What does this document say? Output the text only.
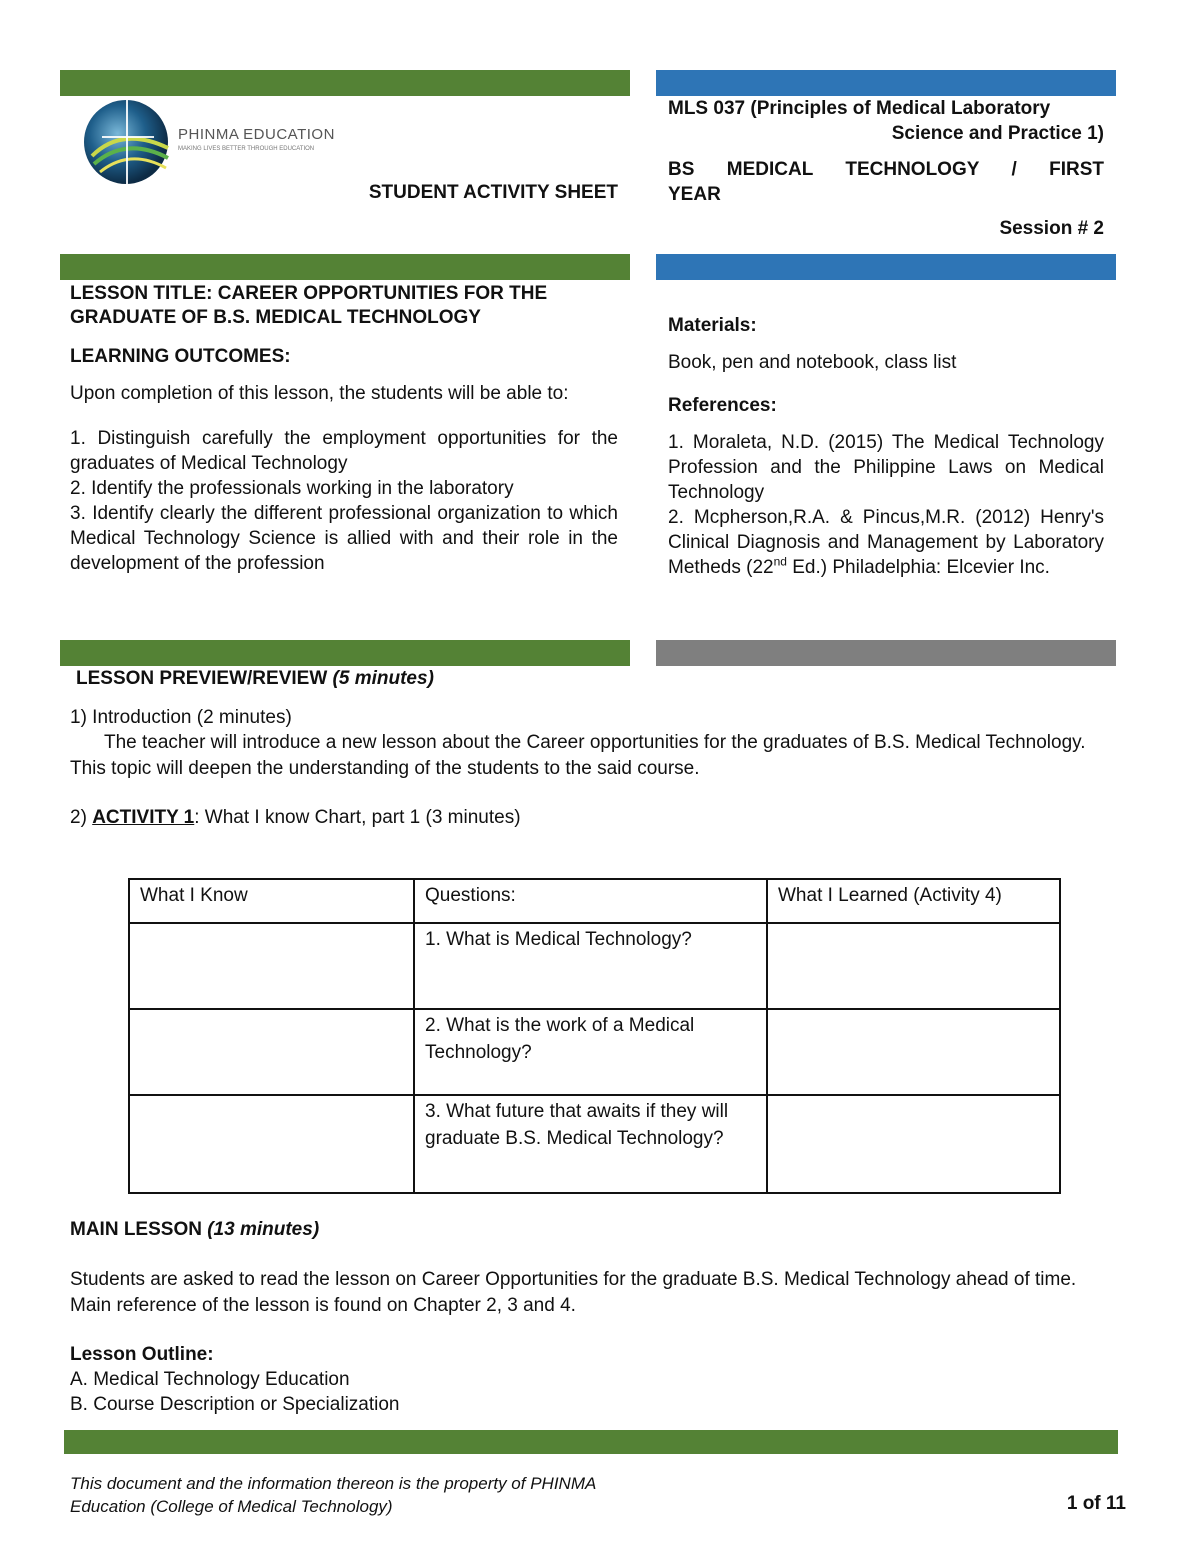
PHINMA EDUCATION
MAKING LIVES BETTER THROUGH EDUCATION
STUDENT ACTIVITY SHEET
MLS 037 (Principles of Medical Laboratory
Science and Practice 1)
BS MEDICAL TECHNOLOGY / FIRST
YEAR
Session # 2
LESSON TITLE: CAREER OPPORTUNITIES FOR THE
GRADUATE OF B.S. MEDICAL TECHNOLOGY
LEARNING OUTCOMES:
Upon completion of this lesson, the students will be able to:
1. Distinguish carefully the employment opportunities for the graduates of Medical Technology
2. Identify the professionals working in the laboratory
3. Identify clearly the different professional organization to which Medical Technology Science is allied with and their role in the development of the profession
Materials:
Book, pen and notebook, class list
References:
1. Moraleta, N.D. (2015) The Medical Technology Profession and the Philippine Laws on Medical Technology
2. Mcpherson,R.A. & Pincus,M.R. (2012) Henry's Clinical Diagnosis and Management by Laboratory Metheds (22nd Ed.) Philadelphia: Elcevier Inc.
LESSON PREVIEW/REVIEW (5 minutes)
1) Introduction (2 minutes)
The teacher will introduce a new lesson about the Career opportunities for the graduates of B.S. Medical Technology. This topic will deepen the understanding of the students to the said course.
2) ACTIVITY 1: What I know Chart, part 1 (3 minutes)
What I Know	Questions:	What I Learned (Activity 4)
	1. What is Medical Technology?	
	2. What is the work of a Medical Technology?	
	3. What future that awaits if they will graduate B.S. Medical Technology?	
MAIN LESSON (13 minutes)
Students are asked to read the lesson on Career Opportunities for the graduate B.S. Medical Technology ahead of time. Main reference of the lesson is found on Chapter 2, 3 and 4.
Lesson Outline:
A. Medical Technology Education
B. Course Description or Specialization
This document and the information thereon is the property of PHINMA
Education (College of Medical Technology)	1 of 11
